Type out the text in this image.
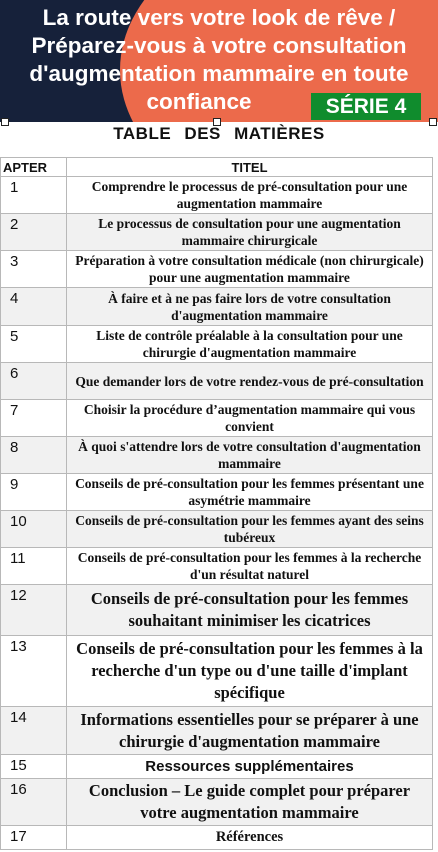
La route vers votre look de rêve /
Préparez-vous à votre consultation
d'augmentation mammaire en toute
confiance	SÉRIE 4
TABLE DES MATIÈRES
APTER	TITEL
1	Comprendre le processus de pré-consultation pour une augmentation mammaire
2	Le processus de consultation pour une augmentation mammaire chirurgicale
3	Préparation à votre consultation médicale (non chirurgicale) pour une augmentation mammaire
4	À faire et à ne pas faire lors de votre consultation d'augmentation mammaire
5	Liste de contrôle préalable à la consultation pour une chirurgie d'augmentation mammaire
6	Que demander lors de votre rendez-vous de pré-consultation
7	Choisir la procédure d’augmentation mammaire qui vous convient
8	À quoi s'attendre lors de votre consultation d'augmentation mammaire
9	Conseils de pré-consultation pour les femmes présentant une asymétrie mammaire
10	Conseils de pré-consultation pour les femmes ayant des seins tubéreux
11	Conseils de pré-consultation pour les femmes à la recherche d'un résultat naturel
12	Conseils de pré-consultation pour les femmes souhaitant minimiser les cicatrices
13	Conseils de pré-consultation pour les femmes à la recherche d'un type ou d'une taille d'implant spécifique
14	Informations essentielles pour se préparer à une chirurgie d'augmentation mammaire
15	Ressources supplémentaires
16	Conclusion – Le guide complet pour préparer votre augmentation mammaire
17	Références
